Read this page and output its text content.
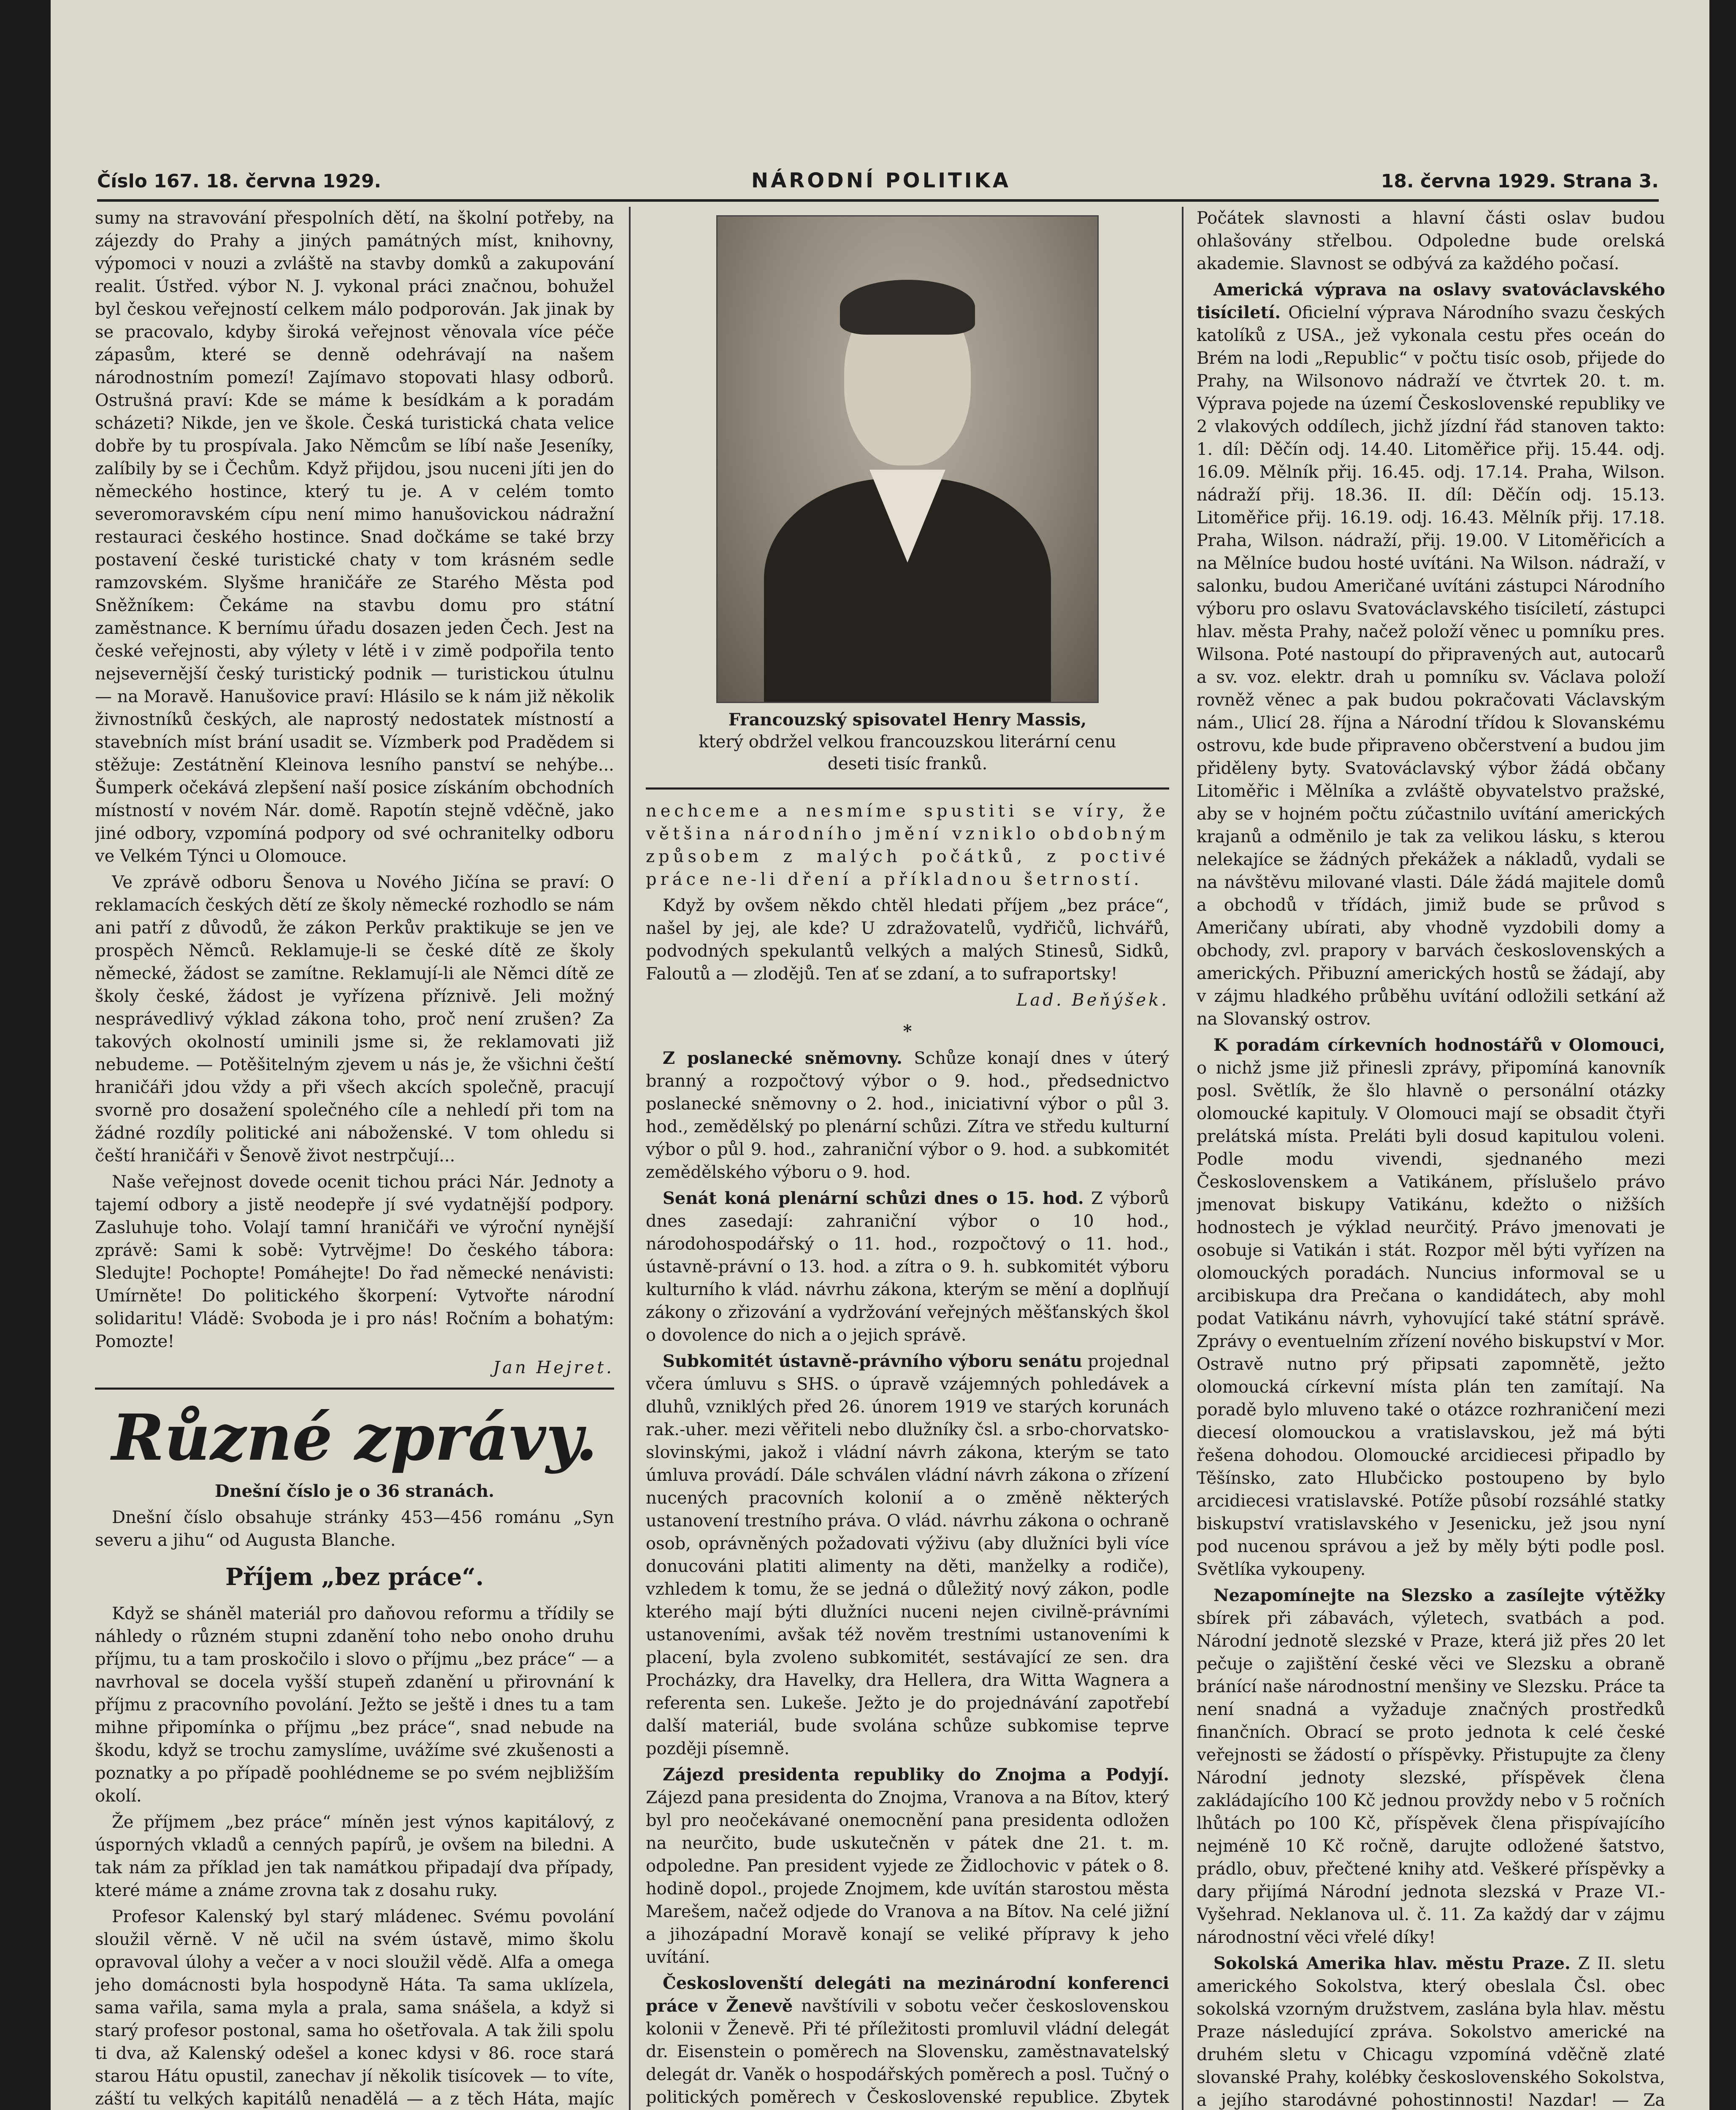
Číslo 167. 18. června 1929.	NÁRODNÍ POLITIKA	18. června 1929. Strana 3.

sumy na stravování přespolních dětí, na školní potřeby, na zájezdy do Prahy a jiných památných míst, knihovny, výpomoci v nouzi a zvláště na stavby domků a zakupování realit. Ústřed. výbor N. J. vykonal práci značnou, bohužel byl českou veřejností celkem málo podporován. Jak jinak by se pracovalo, kdyby široká veřejnost věnovala více péče zápasům, které se denně odehrávají na našem národnostním pomezí! Zajímavo stopovati hlasy odborů. Ostrušná praví: Kde se máme k besídkám a k poradám scházeti? Nikde, jen ve škole. Česká turistická chata velice dobře by tu prospívala. Jako Němcům se líbí naše Jeseníky, zalíbily by se i Čechům. Když přijdou, jsou nuceni jíti jen do německého hostince, který tu je. A v celém tomto severomoravském cípu není mimo hanušovickou nádražní restauraci českého hostince. Snad dočkáme se také brzy postavení české turistické chaty v tom krásném sedle ramzovském. Slyšme hraničáře ze Starého Města pod Sněžníkem: Čekáme na stavbu domu pro státní zaměstnance. K bernímu úřadu dosazen jeden Čech. Jest na české veřejnosti, aby výlety v létě i v zimě podpořila tento nejsevernější český turistický podnik — turistickou útulnu — na Moravě. Hanušovice praví: Hlásilo se k nám již několik živnostníků českých, ale naprostý nedostatek místností a stavebních míst brání usadit se. Vízmberk pod Pradědem si stěžuje: Zestátnění Kleinova lesního panství se nehýbe... Šumperk očekává zlepšení naší posice získáním obchodních místností v novém Nár. domě. Rapotín stejně vděčně, jako jiné odbory, vzpomíná podpory od své ochranitelky odboru ve Velkém Týnci u Olomouce.

Ve zprávě odboru Šenova u Nového Jičína se praví: O reklamacích českých dětí ze školy německé rozhodlo se nám ani patří z důvodů, že zákon Perkův praktikuje se jen ve prospěch Němců. Reklamuje-li se české dítě ze školy německé, žádost se zamítne. Reklamují-li ale Němci dítě ze školy české, žádost je vyřízena příznivě. Jeli možný nesprávedlivý výklad zákona toho, proč není zrušen? Za takových okolností uminili jsme si, že reklamovati již nebudeme. — Potěšitelným zjevem u nás je, že všichni čeští hraničáři jdou vždy a při všech akcích společně, pracují svorně pro dosažení společného cíle a nehledí při tom na žádné rozdíly politické ani náboženské. V tom ohledu si čeští hraničáři v Šenově život nestrpčují...

Naše veřejnost dovede ocenit tichou práci Nár. Jednoty a tajemí odbory a jistě neodepře jí své vydatnější podpory. Zasluhuje toho. Volají tamní hraničáři ve výroční nynější zprávě: Sami k sobě: Vytrvějme! Do českého tábora: Sledujte! Pochopte! Pomáhejte! Do řad německé nenávisti: Umírněte! Do politického škorpení: Vytvořte národní solidaritu! Vládě: Svoboda je i pro nás! Ročním a bohatým: Pomozte!

Jan Hejret.
Různé zprávy.

Dnešní číslo je o 36 stranách.

Dnešní číslo obsahuje stránky 453—456 románu „Syn severu a jihu“ od Augusta Blanche.

Příjem „bez práce“.

Když se sháněl materiál pro daňovou reformu a třídily se náhledy o různém stupni zdanění toho nebo onoho druhu příjmu, tu a tam proskočilo i slovo o příjmu „bez práce“ — a navrhoval se docela vyšší stupeň zdanění u přirovnání k příjmu z pracovního povolání. Ježto se ještě i dnes tu a tam mihne připomínka o příjmu „bez práce“, snad nebude na škodu, když se trochu zamyslíme, uvážíme své zkušenosti a poznatky a po případě poohlédneme se po svém nejbližším okolí.

Že příjmem „bez práce“ míněn jest výnos kapitálový, z úsporných vkladů a cenných papírů, je ovšem na biledni. A tak nám za příklad jen tak namátkou připadají dva případy, které máme a známe zrovna tak z dosahu ruky.

Profesor Kalenský byl starý mládenec. Svému povolání sloužil věrně. V ně učil na svém ústavě, mimo školu opravoval úlohy a večer a v noci sloužil vědě. Alfa a omega jeho domácnosti byla hospodyně Háta. Ta sama uklízela, sama vařila, sama myla a prala, sama snášela, a když si starý profesor postonal, sama ho ošetřovala. A tak žili spolu ti dva, až Kalenský odešel a konec kdysi v 86. roce stará starou Hátu opustil, zanechav jí několik tisícovek — to víte, záští tu velkých kapitálů nenadělá — a z těch Háta, majíc

Francouzský spisovatel Henry Massis,
který obdržel velkou francouzskou literární cenu deseti tisíc franků.

nechceme a nesmíme spustiti se víry, že většina národního jmění vzniklo obdobným způsobem z malých počátků, z poctivé práce ne-li dření a příkladnou šetrností.

Když by ovšem někdo chtěl hledati příjem „bez práce“, našel by jej, ale kde? U zdražovatelů, vydřičů, lichvářů, podvodných spekulantů velkých a malých Stinesů, Sidků, Faloutů a — zlodějů. Ten ať se zdaní, a to sufraportsky!

Lad. Beňýšek.
*

Z poslanecké sněmovny. Schůze konají dnes v úterý branný a rozpočtový výbor o 9. hod., předsednictvo poslanecké sněmovny o 2. hod., iniciativní výbor o půl 3. hod., zemědělský po plenární schůzi. Zítra ve středu kulturní výbor o půl 9. hod., zahraniční výbor o 9. hod. a subkomitét zemědělského výboru o 9. hod.

Senát koná plenární schůzi dnes o 15. hod. Z výborů dnes zasedají: zahraniční výbor o 10 hod., národohospodářský o 11. hod., rozpočtový o 11. hod., ústavně-právní o 13. hod. a zítra o 9. h. subkomitét výboru kulturního k vlád. návrhu zákona, kterým se mění a doplňují zákony o zřizování a vydržování veřejných měšťanských škol o dovolence do nich a o jejich správě.

Subkomitét ústavně-právního výboru senátu projednal včera úmluvu s SHS. o úpravě vzájemných pohledávek a dluhů, vzniklých před 26. únorem 1919 ve starých korunách rak.-uher. mezi věřiteli nebo dlužníky čsl. a srbo-chorvatsko-slovinskými, jakož i vládní návrh zákona, kterým se tato úmluva provádí. Dále schválen vládní návrh zákona o zřízení nucených pracovních kolonií a o změně některých ustanovení trestního práva. O vlád. návrhu zákona o ochraně osob, oprávněných požadovati výživu (aby dlužníci byli více donucováni platiti alimenty na děti, manželky a rodiče), vzhledem k tomu, že se jedná o důležitý nový zákon, podle kterého mají býti dlužníci nuceni nejen civilně-právními ustanoveními, avšak též nověm trestními ustanoveními k placení, byla zvoleno subkomitét, sestávající ze sen. dra Procházky, dra Havelky, dra Hellera, dra Witta Wagnera a referenta sen. Lukeše. Ježto je do projednávání zapotřebí další materiál, bude svolána schůze subkomise teprve později písemně.

Zájezd presidenta republiky do Znojma a Podyjí. Zájezd pana presidenta do Znojma, Vranova a na Bítov, který byl pro neočekávané onemocnění pana presidenta odložen na neurčito, bude uskutečněn v pátek dne 21. t. m. odpoledne. Pan president vyjede ze Židlochovic v pátek o 8. hodině dopol., projede Znojmem, kde uvítán starostou města Marešem, načež odjede do Vranova a na Bítov. Na celé jižní a jihozápadní Moravě konají se veliké přípravy k jeho uvítání.

Českoslovenští delegáti na mezinárodní konferenci práce v Ženevě navštívili v sobotu večer československou kolonii v Ženevě. Při té příležitosti promluvil vládní delegát dr. Eisenstein o poměrech na Slovensku, zaměstnavatelský delegát dr. Vaněk o hospodářských poměrech a posl. Tučný o politických poměrech v Československé republice. Zbytek

Počátek slavnosti a hlavní části oslav budou ohlašovány střelbou. Odpoledne bude orelská akademie. Slavnost se odbývá za každého počasí.

Americká výprava na oslavy svatováclavského tisíciletí. Oficielní výprava Národního svazu českých katolíků z USA., jež vykonala cestu přes oceán do Brém na lodi „Republic“ v počtu tisíc osob, přijede do Prahy, na Wilsonovo nádraží ve čtvrtek 20. t. m. Výprava pojede na území Československé republiky ve 2 vlakových oddílech, jichž jízdní řád stanoven takto: 1. díl: Děčín odj. 14.40. Litoměřice přij. 15.44. odj. 16.09. Mělník přij. 16.45. odj. 17.14. Praha, Wilson. nádraží přij. 18.36. II. díl: Děčín odj. 15.13. Litoměřice přij. 16.19. odj. 16.43. Mělník přij. 17.18. Praha, Wilson. nádraží, přij. 19.00. V Litoměřicích a na Mělníce budou hosté uvítáni. Na Wilson. nádraží, v salonku, budou Američané uvítáni zástupci Národního výboru pro oslavu Svatováclavského tisíciletí, zástupci hlav. města Prahy, načež položí věnec u pomníku pres. Wilsona. Poté nastoupí do připravených aut, autocarů a sv. voz. elektr. drah u pomníku sv. Václava položí rovněž věnec a pak budou pokračovati Václavským nám., Ulicí 28. října a Národní třídou k Slovanskému ostrovu, kde bude připraveno občerstvení a budou jim přiděleny byty. Svatováclavský výbor žádá občany Litoměřic i Mělníka a zvláště obyvatelstvo pražské, aby se v hojném počtu zúčastnilo uvítání amerických krajanů a odměnilo je tak za velikou lásku, s kterou nelekajíce se žádných překážek a nákladů, vydali se na návštěvu milované vlasti. Dále žádá majitele domů a obchodů v třídách, jimiž bude se průvod s Američany ubírati, aby vhodně vyzdobili domy a obchody, zvl. prapory v barvách československých a amerických. Přibuzní amerických hostů se žádají, aby v zájmu hladkého průběhu uvítání odložili setkání až na Slovanský ostrov.

K poradám církevních hodnostářů v Olomouci, o nichž jsme již přinesli zprávy, připomíná kanovník posl. Světlík, že šlo hlavně o personální otázky olomoucké kapituly. V Olomouci mají se obsadit čtyři prelátská místa. Preláti byli dosud kapitulou voleni. Podle modu vivendi, sjednaného mezi Československem a Vatikánem, příslušelo právo jmenovat biskupy Vatikánu, kdežto o nižších hodnostech je výklad neurčitý. Právo jmenovati je osobuje si Vatikán i stát. Rozpor měl býti vyřízen na olomouckých poradách. Nuncius informoval se u arcibiskupa dra Prečana o kandidátech, aby mohl podat Vatikánu návrh, vyhovující také státní správě. Zprávy o eventuelním zřízení nového biskupství v Mor. Ostravě nutno prý připsati zapomnětě, ježto olomoucká církevní místa plán ten zamítají. Na poradě bylo mluveno také o otázce rozhraničení mezi diecesí olomouckou a vratislavskou, jež má býti řešena dohodou. Olomoucké arcidiecesi připadlo by Těšínsko, zato Hlubčicko postoupeno by bylo arcidiecesi vratislavské. Potíže působí rozsáhlé statky biskupství vratislavského v Jesenicku, jež jsou nyní pod nucenou správou a jež by měly býti podle posl. Světlíka vykoupeny.

Nezapomínejte na Slezsko a zasílejte výtěžky sbírek při zábavách, výletech, svatbách a pod. Národní jednotě slezské v Praze, která již přes 20 let pečuje o zajištění české věci ve Slezsku a obraně bránící naše národnostní menšiny ve Slezsku. Práce ta není snadná a vyžaduje značných prostředků finančních. Obrací se proto jednota k celé české veřejnosti se žádostí o příspěvky. Přistupujte za členy Národní jednoty slezské, příspěvek člena zakládajícího 100 Kč jednou provždy nebo v 5 ročních lhůtách po 100 Kč, příspěvek člena přispívajícího nejméně 10 Kč ročně, darujte odložené šatstvo, prádlo, obuv, přečtené knihy atd. Veškeré příspěvky a dary přijímá Národní jednota slezská v Praze VI.-Vyšehrad. Neklanova ul. č. 11. Za každý dar v zájmu národnostní věci vřelé díky!

Sokolská Amerika hlav. městu Praze. Z II. sletu amerického Sokolstva, který obeslala Čsl. obec sokolská vzorným družstvem, zaslána byla hlav. městu Praze následující zpráva. Sokolstvo americké na druhém sletu v Chicagu vzpomíná vděčně zlaté slovanské Prahy, kolébky československého Sokolstva, a jejího starodávné pohostinnosti! Nazdar! — Za
